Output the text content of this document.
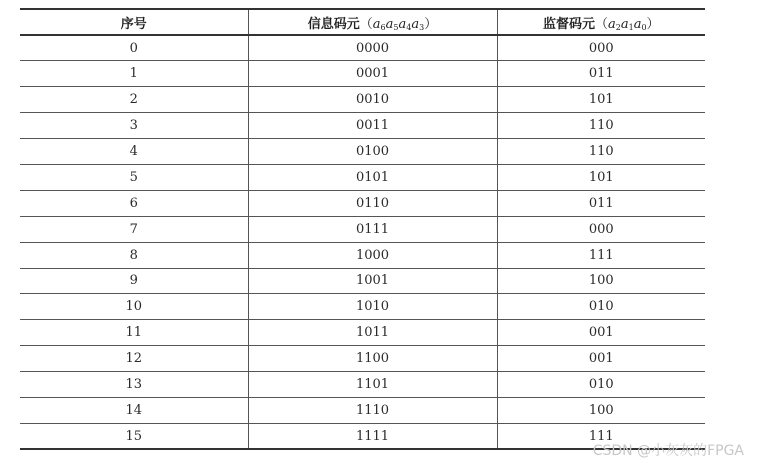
序号	信息码元$(a_6a_5a_4a_3)$	监督码元$(a_2a_1a_0)$
0	0000	000
1	0001	011
2	0010	101
3	0011	110
4	0100	110
5	0101	101
6	0110	011
7	0111	000
8	1000	111
9	1001	100
10	1010	010
11	1011	001
12	1100	001
13	1101	010
14	1110	100
15	1111	111
CSDN @小灰灰的FPGA
